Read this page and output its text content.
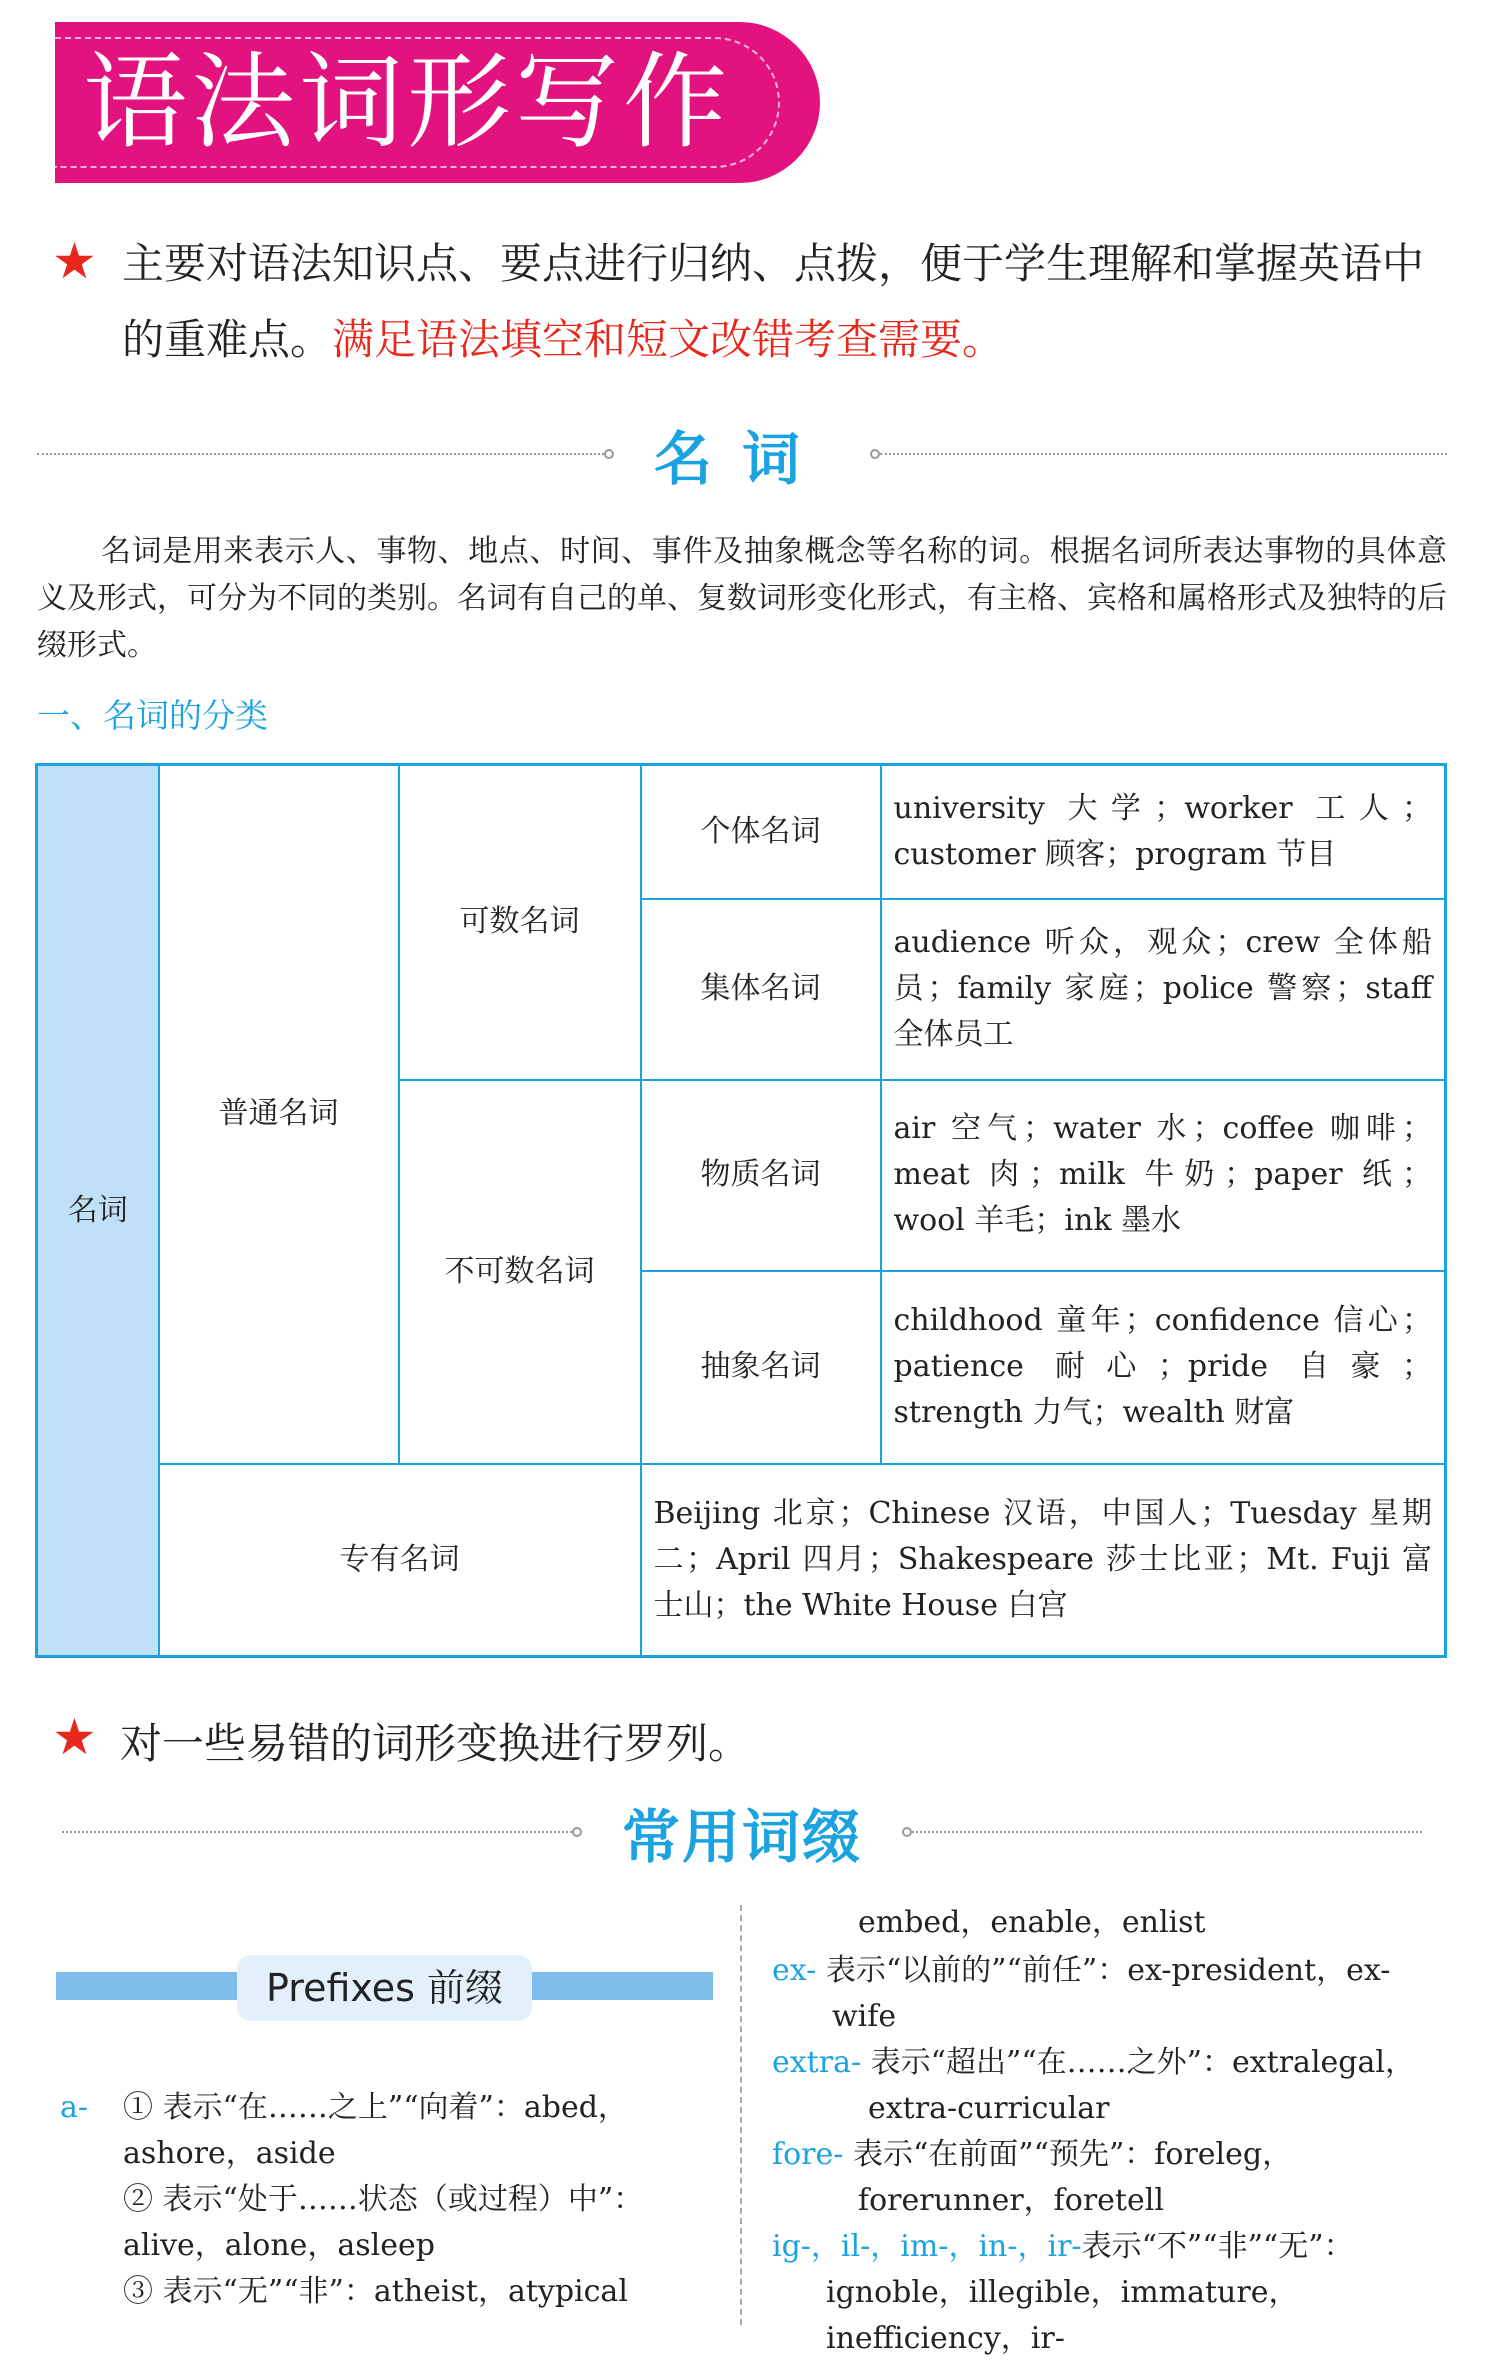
语法词形写作
★ 主要对语法知识点、要点进行归纳、点拨，便于学生理解和掌握英语中的重难点。满足语法填空和短文改错考查需要。
名词
名词是用来表示人、事物、地点、时间、事件及抽象概念等名称的词。根据名词所表达事物的具体意义及形式，可分为不同的类别。名词有自己的单、复数词形变化形式，有主格、宾格和属格形式及独特的后缀形式。
一、名词的分类
名词	普通名词	可数名词	个体名词	university 大学；worker 工人；customer 顾客；program 节目
			集体名词	audience 听众，观众；crew 全体船员；family 家庭；police 警察；staff 全体员工
		不可数名词	物质名词	air 空气；water 水；coffee 咖啡；meat 肉；milk 牛奶；paper 纸；wool 羊毛；ink 墨水
			抽象名词	childhood 童年；confidence 信心；patience 耐心；pride 自豪；strength 力气；wealth 财富
	专有名词		Beijing 北京；Chinese 汉语，中国人；Tuesday 星期二；April 四月；Shakespeare 莎士比亚；Mt. Fuji 富士山；the White House 白宫	
★ 对一些易错的词形变换进行罗列。
常用词缀
Prefixes 前缀
a- ① 表示“在……之上”“向着”：abed，ashore，aside
② 表示“处于……状态（或过程）中”：alive，alone，asleep
③ 表示“无”“非”：atheist，atypical
embed，enable，enlist
ex- 表示“以前的”“前任”：ex-president，ex-wife
extra- 表示“超出”“在……之外”：extralegal，extra-curricular
fore- 表示“在前面”“预先”：foreleg，forerunner，foretell
ig-，il-，im-，in-，ir-表示“不”“非”“无”：ignoble，illegible，immature，inefficiency，ir-
